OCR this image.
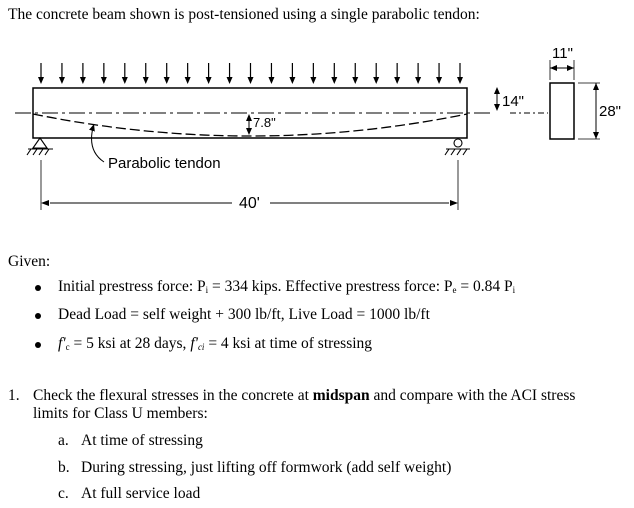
The concrete beam shown is post-tensioned using a single parabolic tendon:
7.8"
Parabolic tendon
40'
14"
11"
28"
Given:
Initial prestress force: $P_i = 334$ kips. Effective prestress force: $P_e = 0.84$ $P_i$
Dead Load = self weight + 300 lb/ft, Live Load = 1000 lb/ft
$f'_c = 5$ ksi at 28 days, $f'_{ci} = 4$ ksi at time of stressing
1. Check the flexural stresses in the concrete at midspan and compare with the ACI stress
limits for Class U members:
a. At time of stressing
b. During stressing, just lifting off formwork (add self weight)
c. At full service load
